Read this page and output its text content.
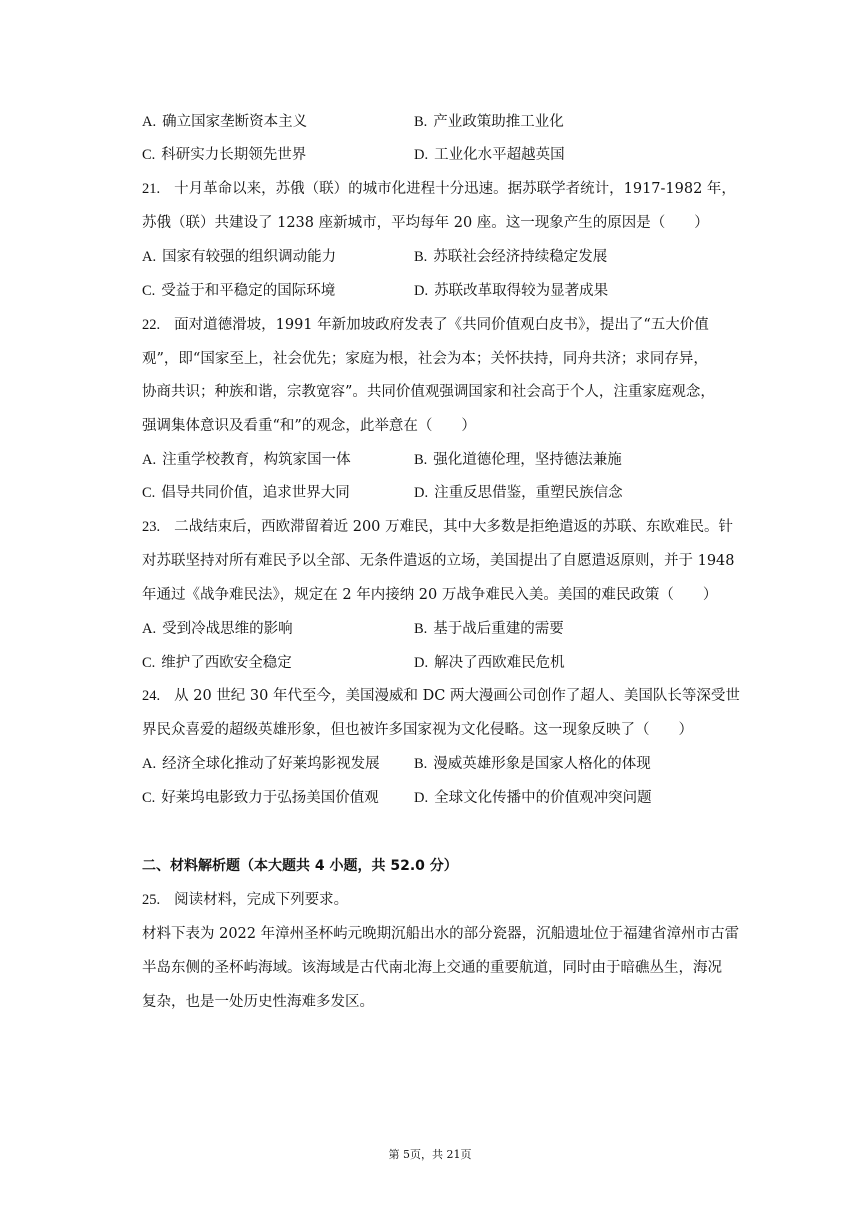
A. 确立国家垄断资本主义	B. 产业政策助推工业化
C. 科研实力长期领先世界	D. 工业化水平超越英国
21. 十月革命以来，苏俄（联）的城市化进程十分迅速。据苏联学者统计，1917-1982 年，
苏俄（联）共建设了 1238 座新城市，平均每年 20 座。这一现象产生的原因是（　　）
A. 国家有较强的组织调动能力	B. 苏联社会经济持续稳定发展
C. 受益于和平稳定的国际环境	D. 苏联改革取得较为显著成果
22. 面对道德滑坡，1991 年新加坡政府发表了《共同价值观白皮书》，提出了“五大价值
观”，即“国家至上，社会优先；家庭为根，社会为本；关怀扶持，同舟共济；求同存异，
协商共识；种族和谐，宗教宽容”。共同价值观强调国家和社会高于个人，注重家庭观念，
强调集体意识及看重“和”的观念，此举意在（　　）
A. 注重学校教育，构筑家国一体	B. 强化道德伦理，坚持德法兼施
C. 倡导共同价值，追求世界大同	D. 注重反思借鉴，重塑民族信念
23. 二战结束后，西欧滞留着近 200 万难民，其中大多数是拒绝遣返的苏联、东欧难民。针
对苏联坚持对所有难民予以全部、无条件遣返的立场，美国提出了自愿遣返原则，并于 1948
年通过《战争难民法》，规定在 2 年内接纳 20 万战争难民入美。美国的难民政策（　　）
A. 受到冷战思维的影响	B. 基于战后重建的需要
C. 维护了西欧安全稳定	D. 解决了西欧难民危机
24. 从 20 世纪 30 年代至今，美国漫威和 DC 两大漫画公司创作了超人、美国队长等深受世
界民众喜爱的超级英雄形象，但也被许多国家视为文化侵略。这一现象反映了（　　）
A. 经济全球化推动了好莱坞影视发展 B. 漫威英雄形象是国家人格化的体现
C. 好莱坞电影致力于弘扬美国价值观 D. 全球文化传播中的价值观冲突问题
二、材料解析题（本大题共 4 小题，共 52.0 分）
25. 阅读材料，完成下列要求。
材料下表为 2022 年漳州圣杯屿元晚期沉船出水的部分瓷器，沉船遗址位于福建省漳州市古雷
半岛东侧的圣杯屿海域。该海域是古代南北海上交通的重要航道，同时由于暗礁丛生，海况
复杂，也是一处历史性海难多发区。
第 5页，共 21页
